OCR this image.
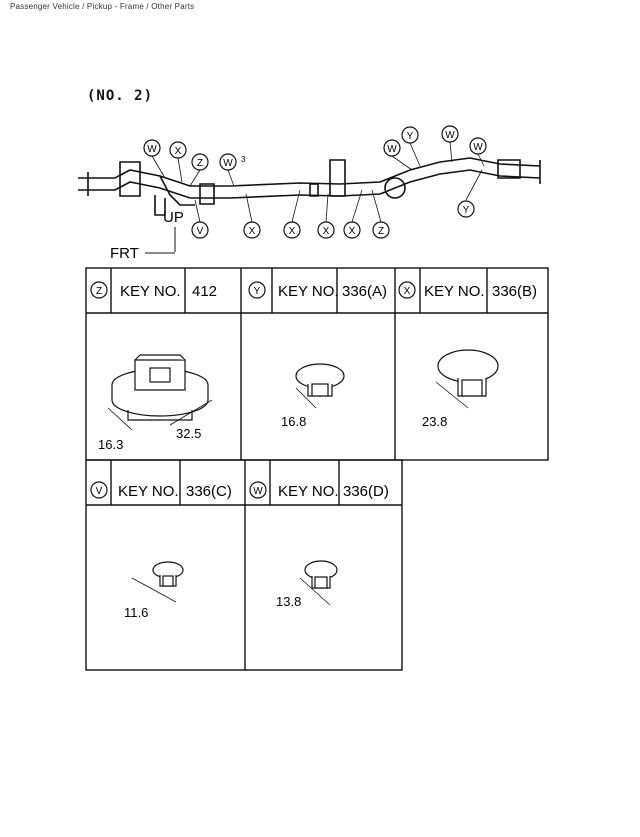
Passenger Vehicle / Pickup - Frame / Other Parts
(NO. 2)
W X
Z W
W
Y	W
W
V	X	X	X X Z
Y
UP
FRT
3
Z KEY NO. 412
16.3
32.5
Y KEY NO. 336(A)
16.8
X KEY NO. 336(B)
23.8
V KEY NO. 336(C)
11.6
W KEY NO. 336(D)
13.8
